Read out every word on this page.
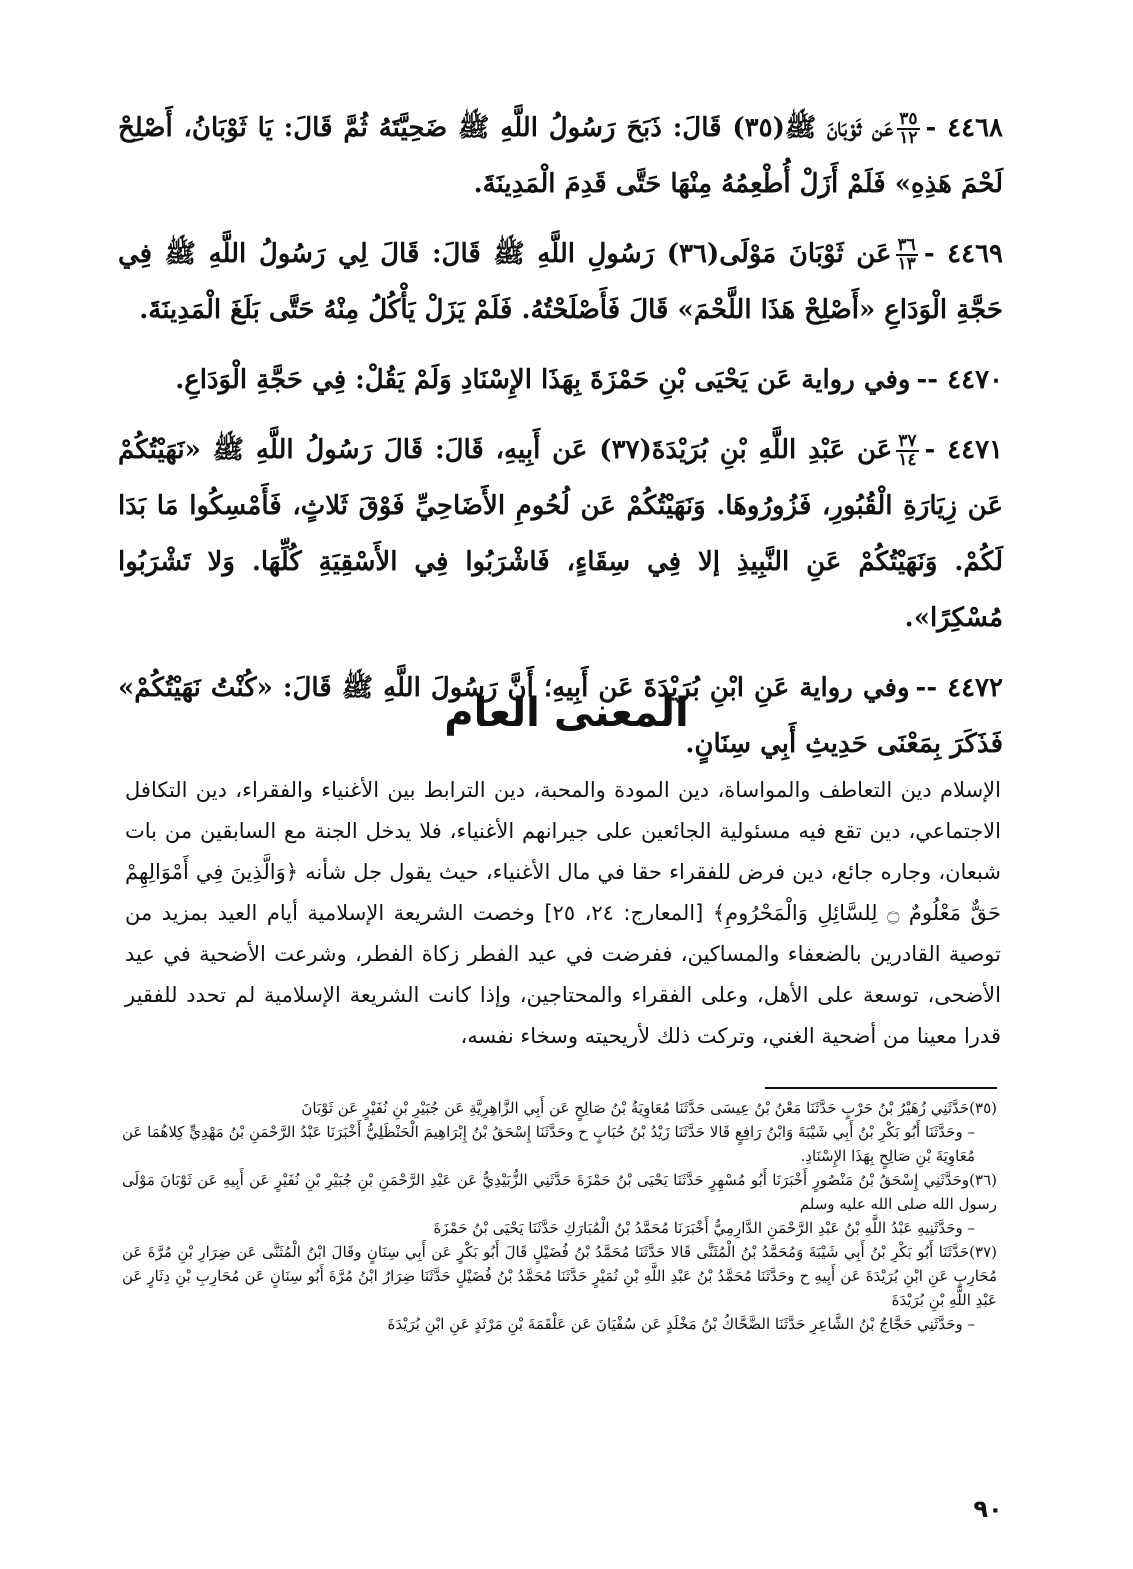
٤٤٦٨ -
$\frac{٣٥}{١٢}$
عَن ثَوْبَانَ ﷺ(٣٥) قَالَ: ذَبَحَ رَسُولُ اللَّهِ ﷺ ضَحِيَّتَهُ ثُمَّ قَالَ: يَا ثَوْبَانُ، أَصْلِحْ لَحْمَ هَذِهِ» فَلَمْ أَزَلْ أُطْعِمُهُ مِنْهَا حَتَّى قَدِمَ الْمَدِينَةَ.

٤٤٦٩ -
$\frac{٣٦}{١٣}$
عَن ثَوْبَانَ مَوْلَى(٣٦) رَسُولِ اللَّهِ ﷺ قَالَ: قَالَ لِي رَسُولُ اللَّهِ ﷺ فِي حَجَّةِ الْوَدَاعِ «أَصْلِحْ هَذَا اللَّحْمَ» قَالَ فَأَصْلَحْتُهُ. فَلَمْ يَزَلْ يَأْكُلُ مِنْهُ حَتَّى بَلَغَ الْمَدِينَةَ.

٤٤٧٠ --وفي رواية عَن يَحْيَى بْنِ حَمْزَةَ بِهَذَا الإِسْنَادِ وَلَمْ يَقُلْ: فِي حَجَّةِ الْوَدَاعِ.

٤٤٧١ -
$\frac{٣٧}{١٤}$
عَن عَبْدِ اللَّهِ بْنِ بُرَيْدَةَ(٣٧) عَن أَبِيهِ، قَالَ: قَالَ رَسُولُ اللَّهِ ﷺ «نَهَيْتُكُمْ عَن زِيَارَةِ الْقُبُورِ، فَزُورُوهَا. وَنَهَيْتُكُمْ عَن لُحُومِ الأَضَاحِيِّ فَوْقَ ثَلاثٍ، فَأَمْسِكُوا مَا بَدَا لَكُمْ. وَنَهَيْتُكُمْ عَنِ النَّبِيذِ إلا فِي سِقَاءٍ، فَاشْرَبُوا فِي الأَسْقِيَةِ كُلِّهَا. وَلا تَشْرَبُوا مُسْكِرًا».

٤٤٧٢ --وفي رواية عَنِ ابْنِ بُرَيْدَةَ عَن أَبِيهِ؛ أَنَّ رَسُولَ اللَّهِ ﷺ قَالَ: «كُنْتُ نَهَيْتُكُمْ» فَذَكَرَ بِمَعْنَى حَدِيثِ أَبِي سِنَانٍ.

المعنى العام

الإسلام دين التعاطف والمواساة، دين المودة والمحبة، دين الترابط بين الأغنياء والفقراء، دين التكافل الاجتماعي، دين تقع فيه مسئولية الجائعين على جيرانهم الأغنياء، فلا يدخل الجنة مع السابقين من بات شبعان، وجاره جائع، دين فرض للفقراء حقا في مال الأغنياء، حيث يقول جل شأنه ﴿وَالَّذِينَ فِي أَمْوَالِهِمْ حَقٌّ مَعْلُومٌ ۝ لِلسَّائِلِ وَالْمَحْرُومِ﴾ [المعارج: ٢٤، ٢٥] وخصت الشريعة الإسلامية أيام العيد بمزيد من توصية القادرين بالضعفاء والمساكين، ففرضت في عيد الفطر زكاة الفطر، وشرعت الأضحية في عيد الأضحى، توسعة على الأهل، وعلى الفقراء والمحتاجين، وإذا كانت الشريعة الإسلامية لم تحدد للفقير قدرا معينا من أضحية الغني، وتركت ذلك لأريحيته وسخاء نفسه،

(٣٥)حَدَّثَنِي زُهَيْرُ بْنُ حَرْبٍ حَدَّثَنَا مَعْنُ بْنُ عِيسَى حَدَّثَنَا مُعَاوِيَةُ بْنُ صَالِحٍ عَن أَبِي الزَّاهِرِيَّةِ عَن جُبَيْرِ بْنِ نُفَيْرٍ عَن ثَوْبَانَ

– وحَدَّثَنَا أَبُو بَكْرِ بْنُ أَبِي شَيْبَةَ وَابْنُ رَافِعٍ قَالا حَدَّثَنَا زَيْدُ بْنُ حُبَابٍ ح وحَدَّثَنَا إِسْحَقُ بْنُ إِبْرَاهِيمَ الْحَنْظَلِيُّ أَخْبَرَنَا عَبْدُ الرَّحْمَنِ بْنُ مَهْدِيٍّ كِلاهُمَا عَن مُعَاوِيَةَ بْنِ صَالِحٍ بِهَذَا الإِسْنَادِ.

(٣٦)وحَدَّثَنِي إِسْحَقُ بْنُ مَنْصُورٍ أَخْبَرَنَا أَبُو مُسْهِرٍ حَدَّثَنَا يَحْيَى بْنُ حَمْزَةَ حَدَّثَنِي الزُّبَيْدِيُّ عَن عَبْدِ الرَّحْمَنِ بْنِ جُبَيْرِ بْنِ نُفَيْرٍ عَن أَبِيهِ عَن ثَوْبَانَ مَوْلَى رسول الله صلى الله عليه وسلم

– وحَدَّثَنِيهِ عَبْدُ اللَّهِ بْنُ عَبْدِ الرَّحْمَنِ الدَّارِمِيُّ أَخْبَرَنَا مُحَمَّدُ بْنُ الْمُبَارَكِ حَدَّثَنَا يَحْيَى بْنُ حَمْزَةَ

(٣٧)حَدَّثَنَا أَبُو بَكْرِ بْنُ أَبِي شَيْبَةَ وَمُحَمَّدُ بْنُ الْمُثَنَّى قَالا حَدَّثَنَا مُحَمَّدُ بْنُ فُضَيْلٍ قَالَ أَبُو بَكْرٍ عَن أَبِي سِنَانٍ وقَالَ ابْنُ الْمُثَنَّى عَن ضِرَارِ بْنِ مُرَّةَ عَن مُحَارِبٍ عَنِ ابْنِ بُرَيْدَةَ عَن أَبِيهِ ح وحَدَّثَنَا مُحَمَّدُ بْنُ عَبْدِ اللَّهِ بْنِ نُمَيْرٍ حَدَّثَنَا مُحَمَّدُ بْنُ فُضَيْلٍ حَدَّثَنَا ضِرَارُ ابْنُ مُرَّةَ أَبُو سِنَانٍ عَن مُحَارِبِ بْنِ دِثَارٍ عَن عَبْدِ اللَّهِ بْنِ بُرَيْدَةَ

– وحَدَّثَنِي حَجَّاجُ بْنُ الشَّاعِرِ حَدَّثَنَا الضَّحَّاكُ بْنُ مَخْلَدٍ عَن سُفْيَانَ عَن عَلْقَمَةَ بْنِ مَرْثَدٍ عَنِ ابْنِ بُرَيْدَةَ

٩٠
